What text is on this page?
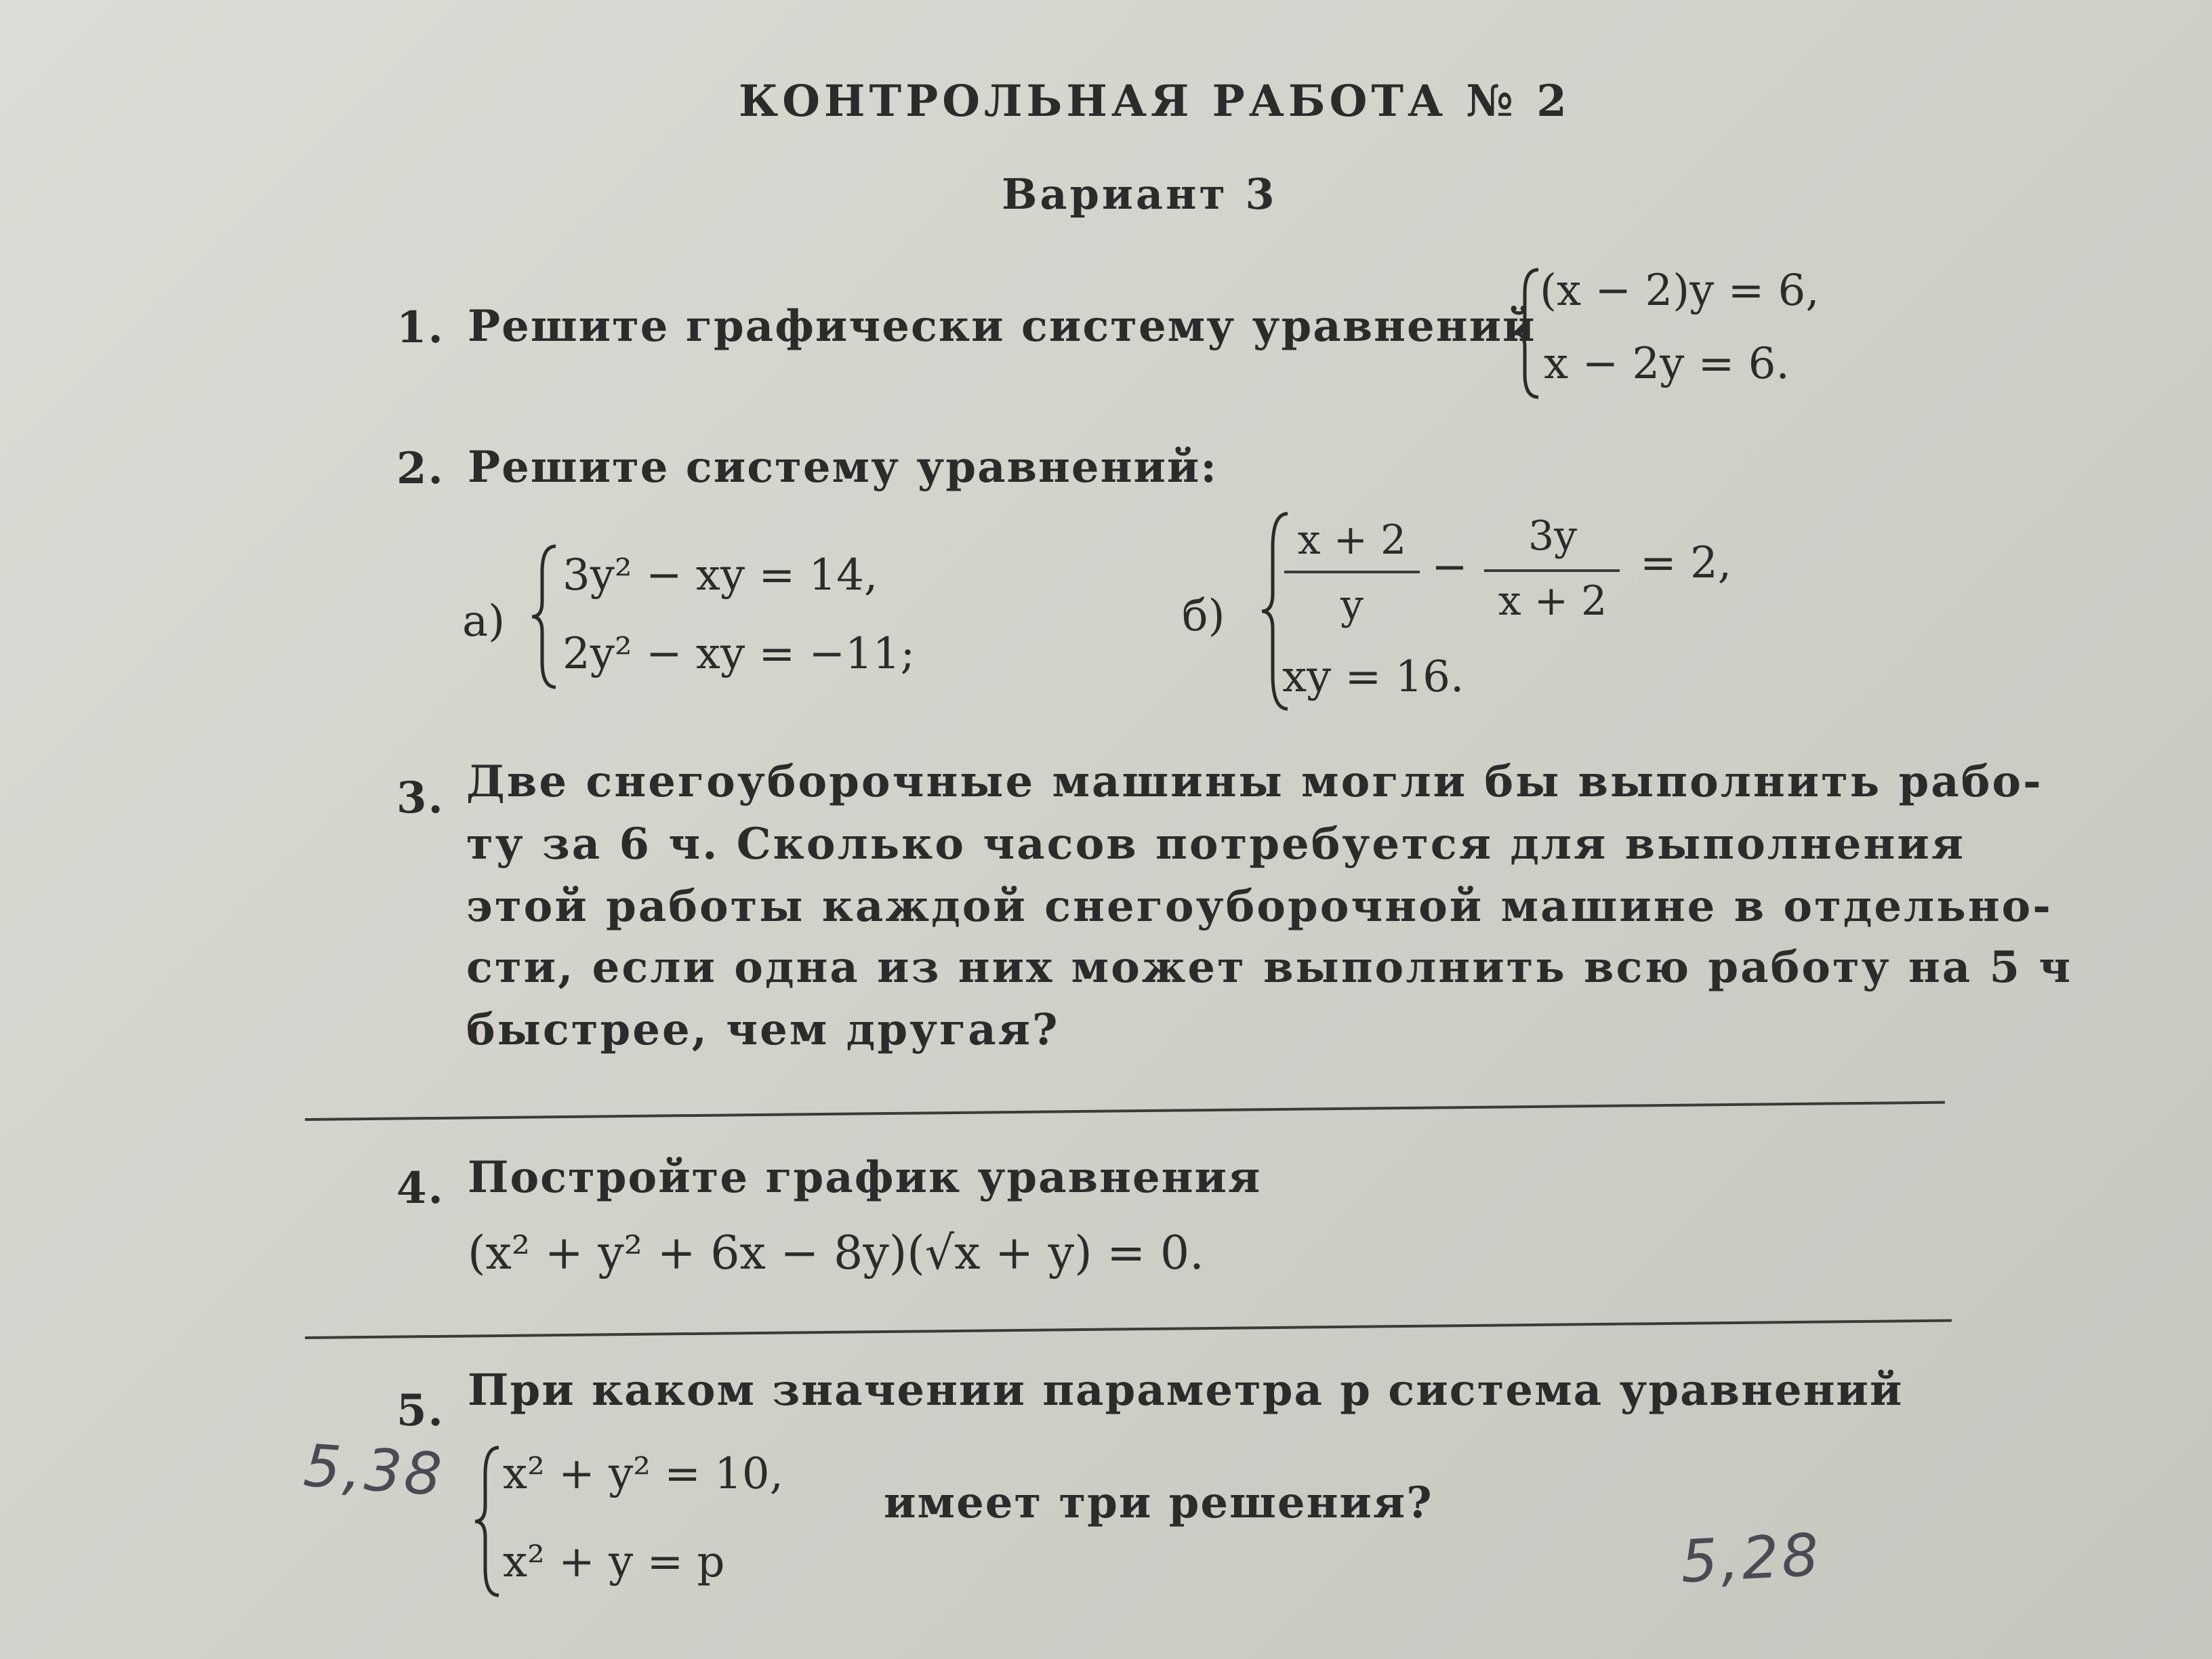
КОНТРОЛЬНАЯ РАБОТА № 2
Вариант 3
1. Решите графически систему уравнений
(x − 2)y = 6,
x − 2y = 6.
2. Решите систему уравнений:
а)
3y² − xy = 14,
2y² − xy = −11;
б)
x + 2
y
−
3y
x + 2
= 2,
xy = 16.
3. Две снегоуборочные машины могли бы выполнить рабо-
ту за 6 ч. Сколько часов потребуется для выполнения
этой работы каждой снегоуборочной машине в отдельно-
сти, если одна из них может выполнить всю работу на 5 ч
быстрее, чем другая?
4. Постройте график уравнения
(x² + y² + 6x − 8y)(√x + y) = 0.
5. При каком значении параметра p система уравнений
x² + y² = 10,
x² + y = p
имеет три решения?
5,38
5,28
